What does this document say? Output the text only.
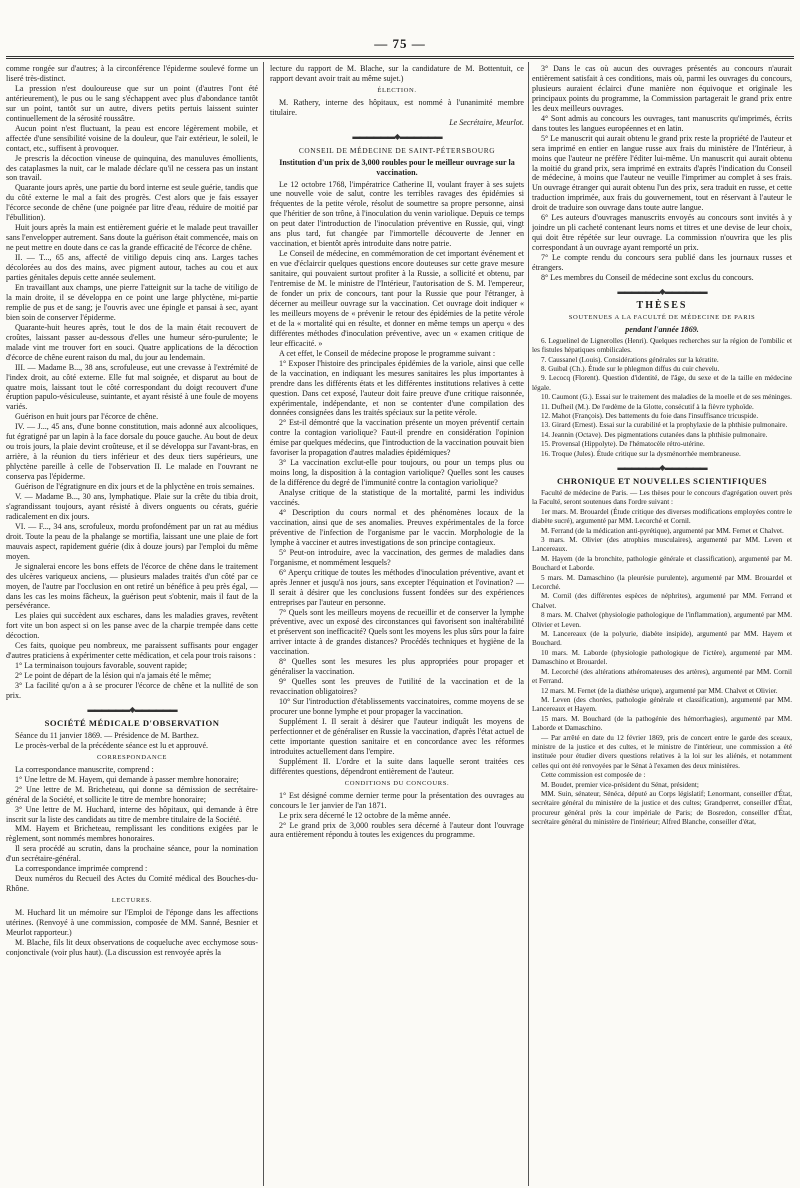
— 75 —

comme rongée sur d'autres; à la circonférence l'épiderme soulevé forme un liseré très-distinct.

La pression n'est douloureuse que sur un point (d'autres l'ont été antérieurement), le pus ou le sang s'échappent avec plus d'abondance tantôt sur un point, tantôt sur un autre, divers petits pertuis laissent suinter continuellement de la sérosité roussâtre.

Aucun point n'est fluctuant, la peau est encore légèrement mobile, et affectée d'une sensibilité voisine de la douleur, que l'air extérieur, le soleil, le contact, etc., suffisent à provoquer.

Je prescris la décoction vineuse de quinquina, des manuluves émollients, des cataplasmes la nuit, car le malade déclare qu'il ne cessera pas un instant son travail.

Quarante jours après, une partie du bord interne est seule guérie, tandis que du côté externe le mal a fait des progrès. C'est alors que je fais essayer l'écorce seconde de chêne (une poignée par litre d'eau, réduire de moitié par l'ébullition).

Huit jours après la main est entièrement guérie et le malade peut travailler sans l'envelopper autrement. Sans doute la guérison était commencée, mais on ne peut mettre en doute dans ce cas la grande efficacité de l'écorce de chêne.

II. — T..., 65 ans, affecté de vitiligo depuis cinq ans. Larges taches décolorées au dos des mains, avec pigment autour, taches au cou et aux parties génitales depuis cette année seulement.

En travaillant aux champs, une pierre l'atteignit sur la tache de vitiligo de la main droite, il se développa en ce point une large phlyctène, mi-partie remplie de pus et de sang; je l'ouvris avec une épingle et pansai à sec, ayant bien soin de conserver l'épiderme.

Quarante-huit heures après, tout le dos de la main était recouvert de croûtes, laissant passer au-dessous d'elles une humeur séro-purulente; le malade vint me trouver fort en souci. Quatre applications de la décoction d'écorce de chêne eurent raison du mal, du jour au lendemain.

III. — Madame B..., 38 ans, scrofuleuse, eut une crevasse à l'extrémité de l'index droit, au côté externe. Elle fut mal soignée, et disparut au bout de quatre mois, laissant tout le côté correspondant du doigt recouvert d'une éruption papulo-vésiculeuse, suintante, et ayant résisté à une foule de moyens variés.

Guérison en huit jours par l'écorce de chêne.

IV. — J..., 45 ans, d'une bonne constitution, mais adonné aux alcooliques, fut égratigné par un lapin à la face dorsale du pouce gauche. Au bout de deux ou trois jours, la plaie devint croûteuse, et il se développa sur l'avant-bras, en arrière, à la réunion du tiers inférieur et des deux tiers supérieurs, une phlyctène pareille à celle de l'observation II. Le malade en l'ouvrant ne conserva pas l'épiderme.

Guérison de l'égratignure en dix jours et de la phlyctène en trois semaines.

V. — Madame B..., 30 ans, lymphatique. Plaie sur la crête du tibia droit, s'agrandissant toujours, ayant résisté à divers onguents ou cérats, guérie radicalement en dix jours.

VI. — F..., 34 ans, scrofuleux, mordu profondément par un rat au médius droit. Toute la peau de la phalange se mortifia, laissant une une plaie de fort mauvais aspect, rapidement guérie (dix à douze jours) par l'emploi du même moyen.

Je signalerai encore les bons effets de l'écorce de chêne dans le traitement des ulcères variqueux anciens, — plusieurs malades traités d'un côté par ce moyen, de l'autre par l'occlusion en ont retiré un bénéfice à peu près égal, — dans les cas les moins fâcheux, la guérison peut s'obtenir, mais il faut de la persévérance.

Les plaies qui succèdent aux eschares, dans les maladies graves, revêtent fort vite un bon aspect si on les panse avec de la charpie trempée dans cette décoction.

Ces faits, quoique peu nombreux, me paraissent suffisants pour engager d'autres praticiens à expérimenter cette médication, et cela pour trois raisons :

1° La terminaison toujours favorable, souvent rapide;

2° Le point de départ de la lésion qui n'a jamais été le même;

3° La facilité qu'on a à se procurer l'écorce de chêne et la nullité de son prix.

▬▬▬▬▬▬◆▬▬▬▬▬▬
SOCIÉTÉ MÉDICALE D'OBSERVATION

Séance du 11 janvier 1869. — Présidence de M. Barthez.

Le procès-verbal de la précédente séance est lu et approuvé.

CORRESPONDANCE

La correspondance manuscrite, comprend :

1° Une lettre de M. Hayem, qui demande à passer membre honoraire;

2° Une lettre de M. Bricheteau, qui donne sa démission de secrétaire-général de la Société, et sollicite le titre de membre honoraire;

3° Une lettre de M. Huchard, interne des hôpitaux, qui demande à être inscrit sur la liste des candidats au titre de membre titulaire de la Société.

MM. Hayem et Bricheteau, remplissant les conditions exigées par le règlement, sont nommés membres honoraires.

Il sera procédé au scrutin, dans la prochaine séance, pour la nomination d'un secrétaire-général.

La correspondance imprimée comprend :

Deux numéros du Recueil des Actes du Comité médical des Bouches-du-Rhône.

LECTURES.

M. Huchard lit un mémoire sur l'Emploi de l'éponge dans les affections utérines. (Renvoyé à une commission, composée de MM. Sanné, Besnier et Meurlot rapporteur.)

M. Blache, fils lit deux observations de coqueluche avec ecchymose sous-conjonctivale (voir plus haut). (La discussion est renvoyée après la

lecture du rapport de M. Blache, sur la candidature de M. Bottentuit, ce rapport devant avoir trait au même sujet.)

ÉLECTION.

M. Rathery, interne des hôpitaux, est nommé à l'unanimité membre titulaire.

Le Secrétaire, Meurlot.

▬▬▬▬▬▬◆▬▬▬▬▬▬
CONSEIL DE MÉDECINE DE SAINT-PÉTERSBOURG

Institution d'un prix de 3,000 roubles pour le meilleur ouvrage sur la vaccination.

Le 12 octobre 1768, l'impératrice Catherine II, voulant frayer à ses sujets une nouvelle voie de salut, contre les terribles ravages des épidémies si fréquentes de la petite vérole, résolut de soumettre sa propre personne, ainsi que l'héritier de son trône, à l'inoculation du venin variolique. Depuis ce temps on peut dater l'introduction de l'inoculation préventive en Russie, qui, vingt ans plus tard, fut changée par l'immortelle découverte de Jenner en vaccination, et bientôt après introduite dans notre patrie.

Le Conseil de médecine, en commémoration de cet important événement et en vue d'éclaircir quelques questions encore douteuses sur cette grave mesure sanitaire, qui pouvaient surtout profiter à la Russie, a sollicité et obtenu, par l'entremise de M. le ministre de l'Intérieur, l'autorisation de S. M. l'empereur, de fonder un prix de concours, tant pour la Russie que pour l'étranger, à décerner au meilleur ouvrage sur la vaccination. Cet ouvrage doit indiquer « les meilleurs moyens de « prévenir le retour des épidémies de la petite vérole et de la « mortalité qui en résulte, et donner en même temps un aperçu « des différentes méthodes d'inoculation préventive, avec un « examen critique de leur efficacité. »

A cet effet, le Conseil de médecine propose le programme suivant :

1° Exposer l'histoire des principales épidémies de la variole, ainsi que celle de la vaccination, en indiquant les mesures sanitaires les plus importantes à prendre dans les différents états et les différentes institutions relatives à cette question. Dans cet exposé, l'auteur doit faire preuve d'une critique raisonnée, expérimentale, indépendante, et non se contenter d'une compilation des données consignées dans les traités spéciaux sur la petite vérole.

2° Est-il démontré que la vaccination présente un moyen préventif certain contre la contagion variolique? Faut-il prendre en considération l'opinion émise par quelques médecins, que l'introduction de la vaccination pouvait bien favoriser la propagation d'autres maladies épidémiques?

3° La vaccination exclut-elle pour toujours, ou pour un temps plus ou moins long, la disposition à la contagion variolique? Quelles sont les causes de la différence du degré de l'immunité contre la contagion variolique?

Analyse critique de la statistique de la mortalité, parmi les individus vaccinés.

4° Description du cours normal et des phénomènes locaux de la vaccination, ainsi que de ses anomalies. Preuves expérimentales de la force préventive de l'infection de l'organisme par le vaccin. Morphologie de la lymphe à vacciner et autres investigations de son principe contagieux.

5° Peut-on introduire, avec la vaccination, des germes de maladies dans l'organisme, et nommément lesquels?

6° Aperçu critique de toutes les méthodes d'inoculation préventive, avant et après Jenner et jusqu'à nos jours, sans excepter l'équination et l'ovination? — Il serait à désirer que les conclusions fussent fondées sur des expériences entreprises par l'auteur en personne.

7° Quels sont les meilleurs moyens de recueillir et de conserver la lymphe préventive, avec un exposé des circonstances qui favorisent son inaltérabilité et préservent son inefficacité? Quels sont les moyens les plus sûrs pour la faire arriver intacte à de grandes distances? Procédés techniques et hygiène de la vaccination.

8° Quelles sont les mesures les plus appropriées pour propager et généraliser la vaccination.

9° Quelles sont les preuves de l'utilité de la vaccination et de la revaccination obligatoires?

10° Sur l'introduction d'établissements vaccinatoires, comme moyens de se procurer une bonne lymphe et pour propager la vaccination.

Supplément I. Il serait à désirer que l'auteur indiquât les moyens de perfectionner et de généraliser en Russie la vaccination, d'après l'état actuel de cette importante question sanitaire et en concordance avec les réformes introduites actuellement dans l'empire.

Supplément II. L'ordre et la suite dans laquelle seront traitées ces différentes questions, dépendront entièrement de l'auteur.

CONDITIONS DU CONCOURS.

1° Est désigné comme dernier terme pour la présentation des ouvrages au concours le 1er janvier de l'an 1871.

Le prix sera décerné le 12 octobre de la même année.

2° Le grand prix de 3,000 roubles sera décerné à l'auteur dont l'ouvrage aura entièrement répondu à toutes les exigences du programme.

3° Dans le cas où aucun des ouvrages présentés au concours n'aurait entièrement satisfait à ces conditions, mais où, parmi les ouvrages du concours, plusieurs auraient éclairci d'une manière non équivoque et originale les principaux points du programme, la Commission partagerait le grand prix entre les deux meilleurs ouvrages.

4° Sont admis au concours les ouvrages, tant manuscrits qu'imprimés, écrits dans toutes les langues européennes et en latin.

5° Le manuscrit qui aurait obtenu le grand prix reste la propriété de l'auteur et sera imprimé en entier en langue russe aux frais du ministère de l'Intérieur, à moins que l'auteur ne préfère l'éditer lui-même. Un manuscrit qui aurait obtenu la moitié du grand prix, sera imprimé en extraits d'après l'indication du Conseil de médecine, à moins que l'auteur ne veuille l'imprimer au complet à ses frais. Un ouvrage étranger qui aurait obtenu l'un des prix, sera traduit en russe, et cette traduction imprimée, aux frais du gouvernement, tout en réservant à l'auteur le droit de traduire son ouvrage dans toute autre langue.

6° Les auteurs d'ouvrages manuscrits envoyés au concours sont invités à y joindre un pli cacheté contenant leurs noms et titres et une devise de leur choix, qui doit être répétée sur leur ouvrage. La commission n'ouvrira que les plis correspondant à un ouvrage ayant remporté un prix.

7° Le compte rendu du concours sera publié dans les journaux russes et étrangers.

8° Les membres du Conseil de médecine sont exclus du concours.

▬▬▬▬▬▬◆▬▬▬▬▬▬
THÈSES
SOUTENUES A LA FACULTÉ DE MÉDECINE DE PARIS

pendant l'année 1869.

6. Leguelinel de Lignerolles (Henri). Quelques recherches sur la région de l'ombilic et les fistules hépatiques ombilicales.

7. Caussanel (Louis). Considérations générales sur la kératite.

8. Guibal (Ch.). Étude sur le phlegmon diffus du cuir chevelu.

9. Lecocq (Florent). Question d'identité, de l'âge, du sexe et de la taille en médecine légale.

10. Caumont (G.). Essai sur le traitement des maladies de la moelle et de ses méninges.

11. Dufheil (M.). De l'œdème de la Glotte, consécutif à la fièvre typhoïde.

12. Mahot (François). Des battements du foie dans l'insuffisance tricuspide.

13. Girard (Ernest). Essai sur la curabilité et la prophylaxie de la phthisie pulmonaire.

14. Jeannin (Octave). Des pigmentations cutanées dans la phthisie pulmonaire.

15. Provensal (Hippolyte). De l'hématocèle rétro-utérine.

16. Troque (Jules). Étude critique sur la dysménorrhée membraneuse.

▬▬▬▬▬▬◆▬▬▬▬▬▬
CHRONIQUE ET NOUVELLES SCIENTIFIQUES

Faculté de médecine de Paris. — Les thèses pour le concours d'agrégation ouvert près la Faculté, seront soutenues dans l'ordre suivant :

1er mars. M. Brouardel (Étude critique des diverses modifications employées contre le diabète sucré), argumenté par MM. Lecorché et Cornil.

M. Ferrand (de la médication anti-pyrétique), argumenté par MM. Fernet et Chalvet.

3 mars. M. Olivier (des atrophies musculaires), argumenté par MM. Leven et Lancereaux.

M. Hayem (de la bronchite, pathologie générale et classification), argumenté par M. Bouchard et Laborde.

5 mars. M. Damaschino (la pleurésie purulente), argumenté par MM. Brouardel et Lecorché.

M. Cornil (des différentes espèces de néphrites), argumenté par MM. Ferrand et Chalvet.

8 mars. M. Chalvet (physiologie pathologique de l'inflammation), argumenté par MM. Olivier et Leven.

M. Lancereaux (de la polyurie, diabète insipide), argumenté par MM. Hayem et Bouchard.

10 mars. M. Laborde (physiologie pathologique de l'ictère), argumenté par MM. Damaschino et Brouardel.

M. Lecorché (des altérations athéromateuses des artères), argumenté par MM. Cornil et Ferrand.

12 mars. M. Fernet (de la diathèse urique), argumenté par MM. Chalvet et Olivier.

M. Leven (des chorées, pathologie générale et classification), argumenté par MM. Lancereaux et Hayem.

15 mars. M. Bouchard (de la pathogénie des hémorrhagies), argumenté par MM. Laborde et Damaschino.

— Par arrêté en date du 12 février 1869, pris de concert entre le garde des sceaux, ministre de la justice et des cultes, et le ministre de l'intérieur, une commission a été instituée pour étudier divers questions relatives à la loi sur les aliénés, et notamment celles qui ont été renvoyées par le Sénat à l'examen des deux ministères.

Cette commission est composée de :

M. Boudet, premier vice-président du Sénat, président;

MM. Suin, sénateur, Sénéca, député au Corps législatif; Lenormant, conseiller d'État, secrétaire général du ministère de la justice et des cultes; Grandperret, conseiller d'État, procureur général près la cour impériale de Paris; de Bosredon, conseiller d'État, secrétaire général du ministère de l'intérieur; Alfred Blanche, conseiller d'état,
